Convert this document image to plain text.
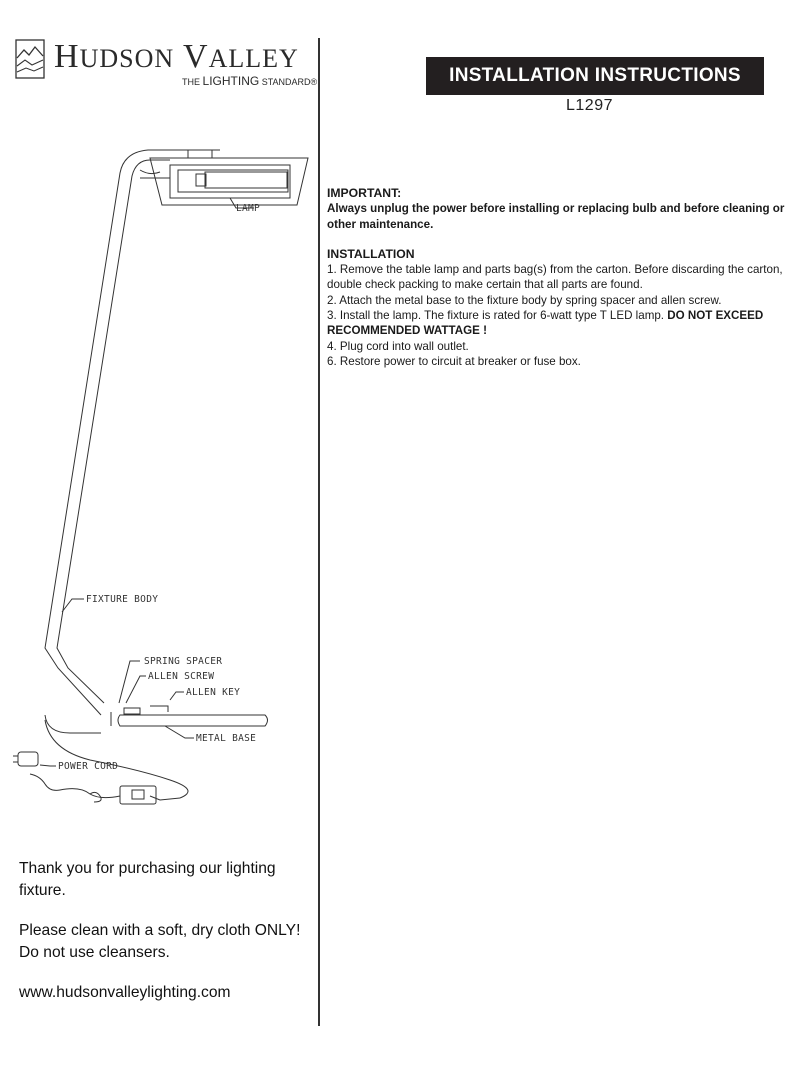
HUDSON VALLEY
THE LIGHTING STANDARD®	INSTALLATION INSTRUCTIONS
L1297
LAMP
FIXTURE BODY
SPRING SPACER
ALLEN SCREW
ALLEN KEY
METAL BASE
POWER CORD

IMPORTANT:

Always unplug the power before installing or replacing bulb and before cleaning or other maintenance.

INSTALLATION

1. Remove the table lamp and parts bag(s) from the carton. Before discarding the carton, double check packing to make certain that all parts are found.

2. Attach the metal base to the fixture body by spring spacer and allen screw.

3. Install the lamp. The fixture is rated for 6-watt type T LED lamp. DO NOT EXCEED RECOMMENDED WATTAGE !

4. Plug cord into wall outlet.

6. Restore power to circuit at breaker or fuse box.

Thank you for purchasing our lighting fixture.

Please clean with a soft, dry cloth ONLY!

Do not use cleansers.

www.hudsonvalleylighting.com
